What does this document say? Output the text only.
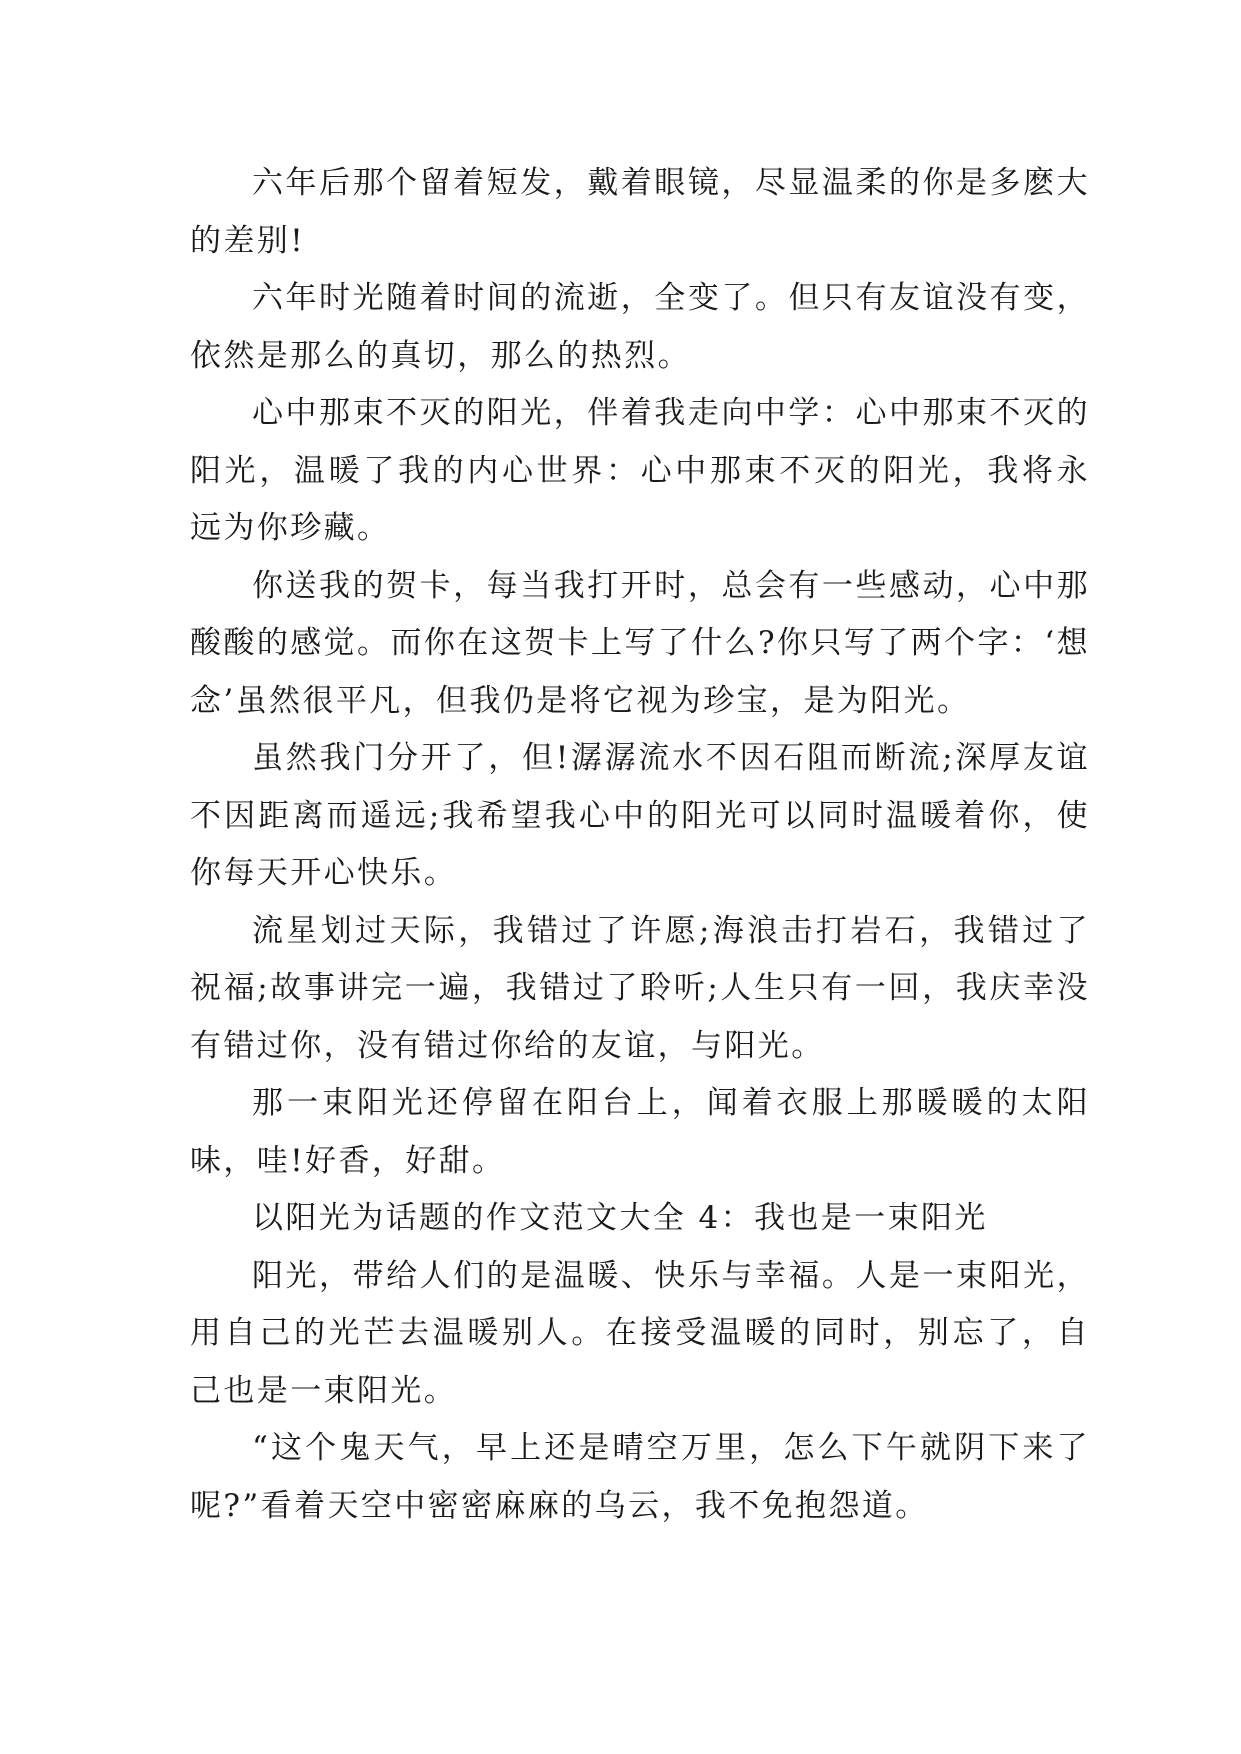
六年后那个留着短发，戴着眼镜，尽显温柔的你是多麽大的差别!

六年时光随着时间的流逝，全变了。但只有友谊没有变，依然是那么的真切，那么的热烈。

心中那束不灭的阳光，伴着我走向中学：心中那束不灭的阳光，温暖了我的内心世界：心中那束不灭的阳光，我将永远为你珍藏。

你送我的贺卡，每当我打开时，总会有一些感动，心中那酸酸的感觉。而你在这贺卡上写了什么?你只写了两个字：‘想念’虽然很平凡，但我仍是将它视为珍宝，是为阳光。

虽然我门分开了，但!潺潺流水不因石阻而断流;深厚友谊不因距离而遥远;我希望我心中的阳光可以同时温暖着你，使你每天开心快乐。

流星划过天际，我错过了许愿;海浪击打岩石，我错过了祝福;故事讲完一遍，我错过了聆听;人生只有一回，我庆幸没有错过你，没有错过你给的友谊，与阳光。

那一束阳光还停留在阳台上，闻着衣服上那暖暖的太阳味，哇!好香，好甜。

以阳光为话题的作文范文大全 4：我也是一束阳光

阳光，带给人们的是温暖、快乐与幸福。人是一束阳光，用自己的光芒去温暖别人。在接受温暖的同时，别忘了，自己也是一束阳光。

“这个鬼天气，早上还是晴空万里，怎么下午就阴下来了呢?”看着天空中密密麻麻的乌云，我不免抱怨道。
